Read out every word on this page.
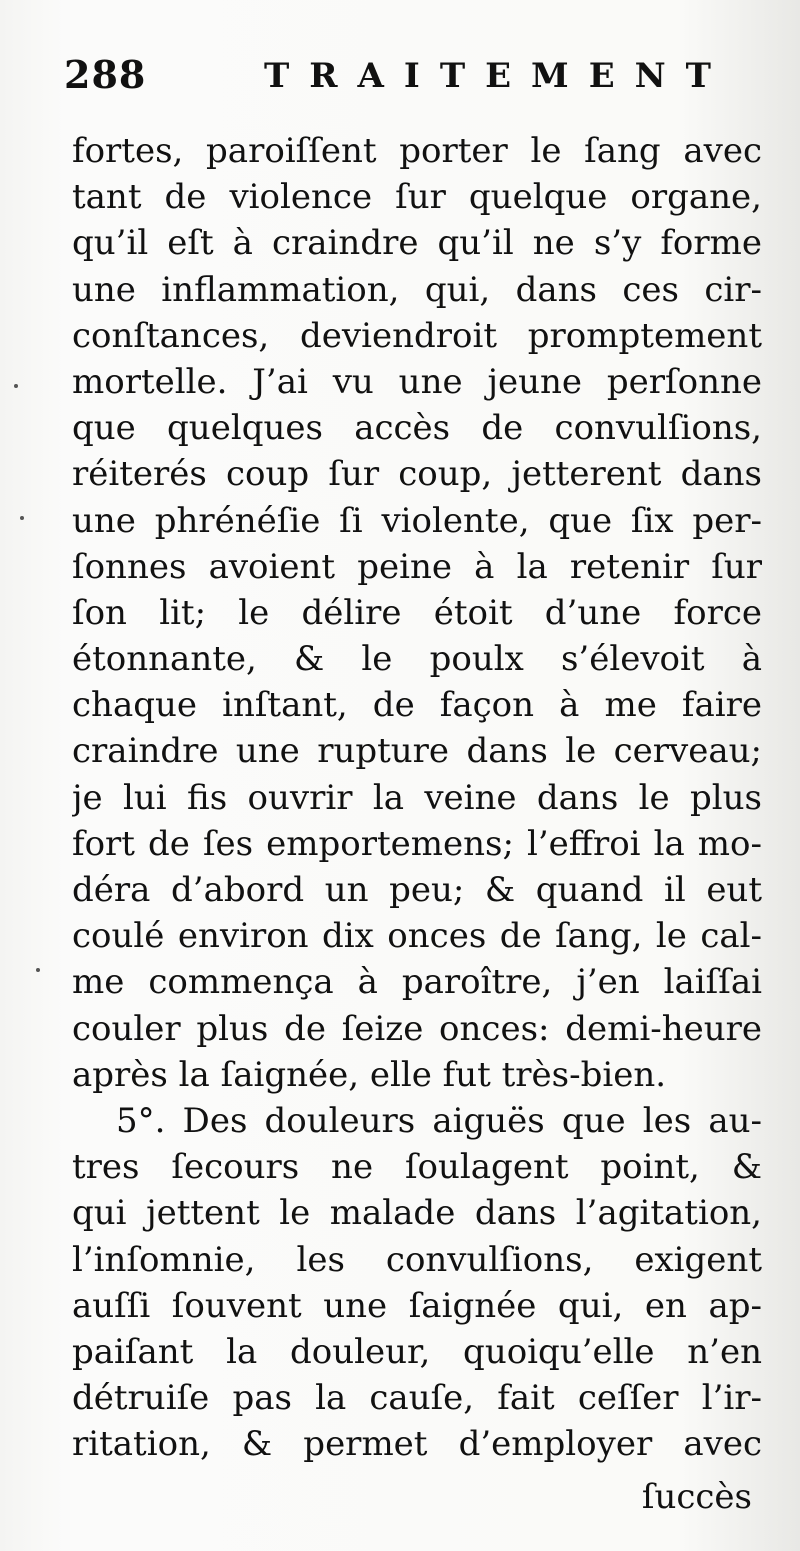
288	TRAITEMENT
fortes, paroiſſent porter le ſang avec
tant de violence ſur quelque organe,
qu’il eſt à craindre qu’il ne s’y forme
une inflammation, qui, dans ces cir-
conſtances, deviendroit promptement
mortelle. J’ai vu une jeune perſonne
que quelques accès de convulſions,
réiterés coup ſur coup, jetterent dans
une phrénéſie ſi violente, que ſix per-
ſonnes avoient peine à la retenir ſur
ſon lit; le délire étoit d’une force
étonnante, & le poulx s’élevoit à
chaque inſtant, de façon à me faire
craindre une rupture dans le cerveau;
je lui fis ouvrir la veine dans le plus
fort de ſes emportemens; l’effroi la mo-
déra d’abord un peu; & quand il eut
coulé environ dix onces de ſang, le cal-
me commença à paroître, j’en laiſſai
couler plus de ſeize onces: demi-heure
après la ſaignée, elle fut très-bien.
5°. Des douleurs aiguës que les au-
tres ſecours ne ſoulagent point, &
qui jettent le malade dans l’agitation,
l’inſomnie, les convulſions, exigent
auſſi ſouvent une ſaignée qui, en ap-
paiſant la douleur, quoiqu’elle n’en
détruiſe pas la cauſe, fait ceſſer l’ir-
ritation, & permet d’employer avec
ſuccès
